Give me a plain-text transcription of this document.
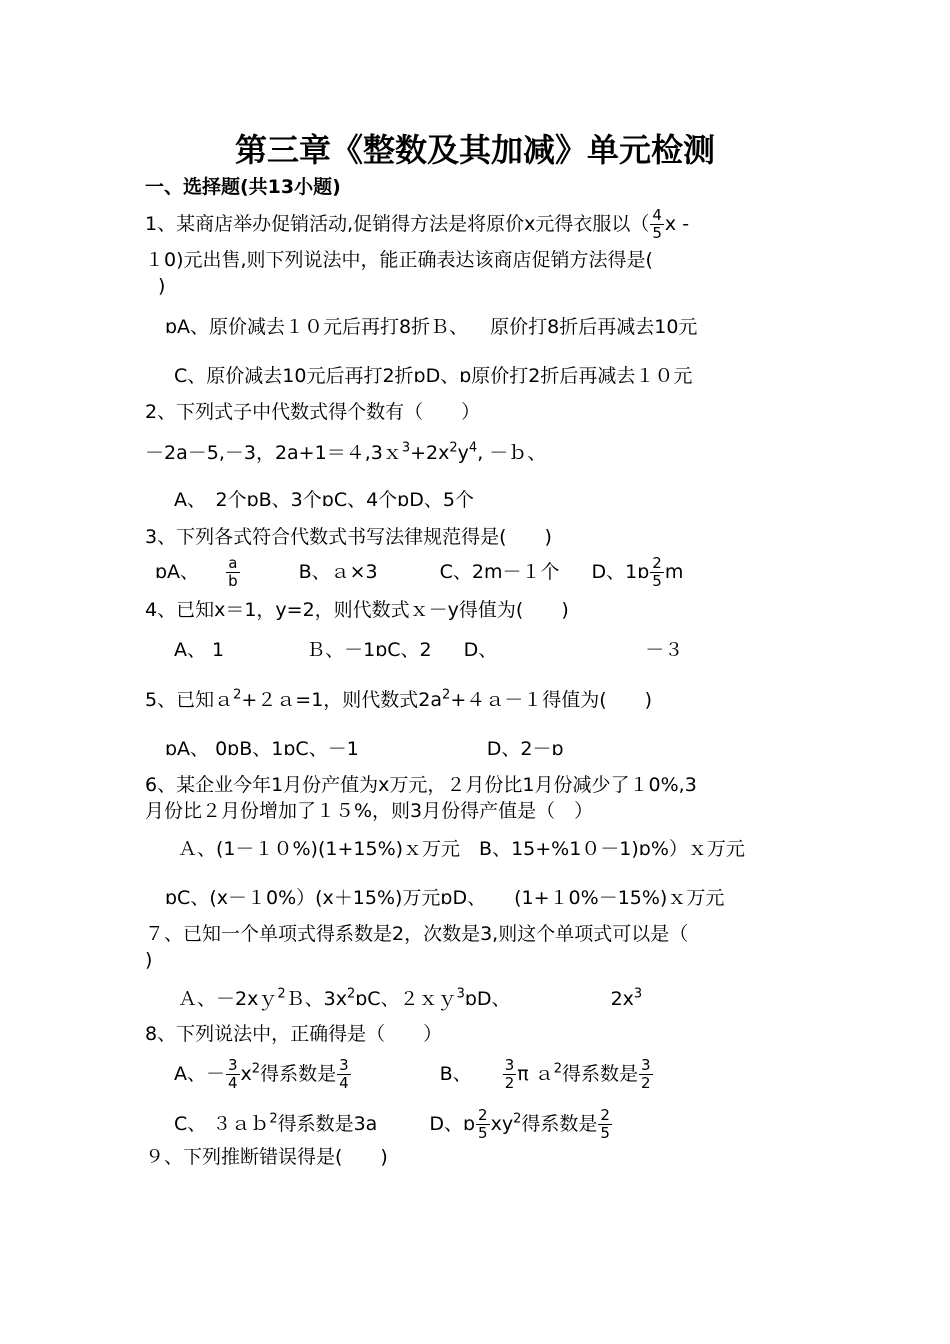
第三章《整数及其加减》单元检测
一、选择题(共13小题)
1、某商店举办促销活动,促销得方法是将原价x元得衣服以（ $\frac{4}{5}$ x -
１0)元出售,则下列说法中，能正确表达该商店促销方法得是(
)
ɒA、原价减去１０元后再打8折Ｂ、 原价打8折后再减去10元
C、原价减去10元后再打2折ɒD、ɒ原价打2折后再减去１０元
2、下列式子中代数式得个数有（　　）
－2a－5,－3，$2a+1=4,3x^3+2x^2y^4$, －ｂ、
A、　2个ɒB、3个ɒC、4个ɒD、5个
3、下列各式符合代数式书写法律规范得是(　　)
ɒA、 $\frac{a}{b}$	B、ａ×3	C、2m－１个 D、1ɒ $\frac{2}{5}$ m
4、已知x＝1，y=2，则代数式ｘ－y得值为(　　)
A、 1	Ｂ、－1ɒC、2 D、	－３
5、已知ａ$^2$+２ａ=1，则代数式$2a^2+4a-1$得值为(　　)
ɒA、 0ɒB、1ɒC、－1	D、2－ɒ
6、某企业今年1月份产值为x万元，２月份比1月份减少了１0%,3
月份比２月份增加了１５%，则3月份得产值是（　）
Ａ、(1－１０%)(1+15%)ｘ万元　B、15+%1０－1)ɒ%）ｘ万元
ɒC、(x－１0%）(x＋15%)万元ɒD、 (1+１0%－15%)ｘ万元
７、已知一个单项式得系数是2，次数是3,则这个单项式可以是（
)
Ａ、－2xｙ$^2$Ｂ、$3x^2ɒC$、２ｘｙ$^3$ɒD、	$2x^3$
8、下列说法中，正确得是（　　）
A、－ $\frac{3}{4} x^2$得系数是 $\frac{3}{4}$	B、 $\frac{3}{2}$ π ａ$^2$得系数是 $\frac{3}{2}$
C、 ３ａｂ$^2$得系数是3a	D、ɒ $\frac{2}{5} xy^2$得系数是 $\frac{2}{5}$
９、下列推断错误得是(　　)
